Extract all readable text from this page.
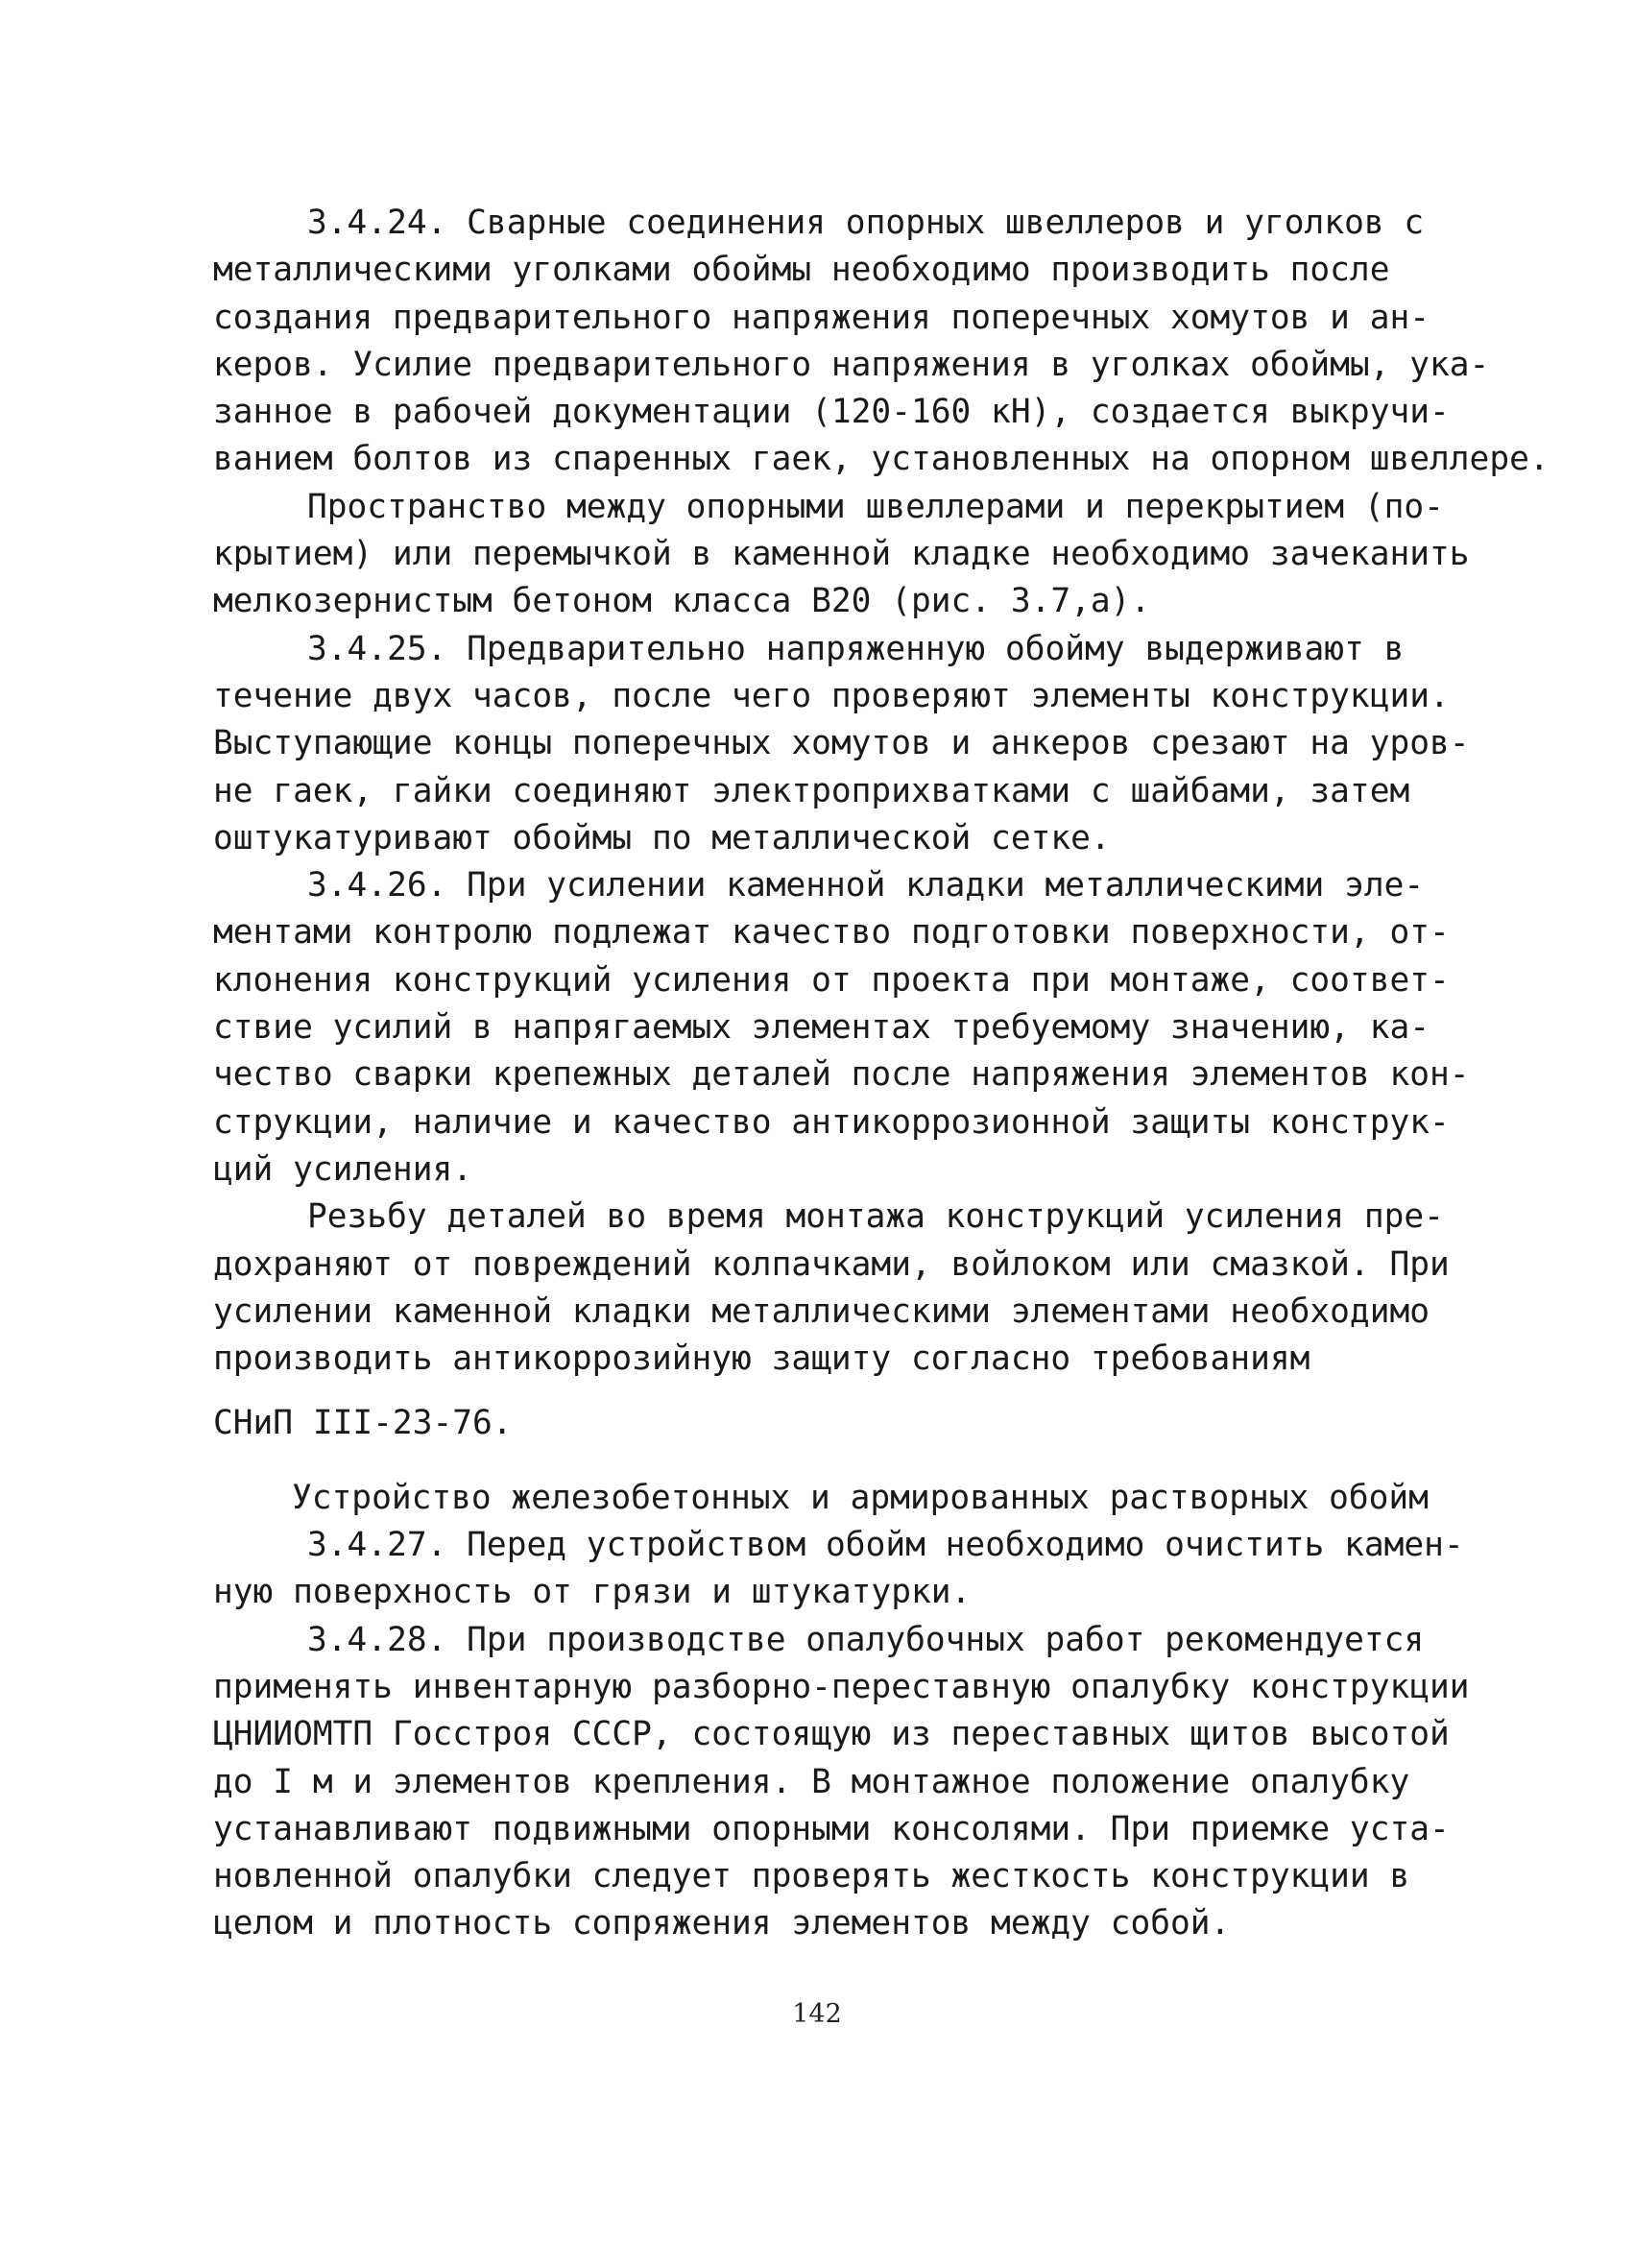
3.4.24. Сварные соединения опорных швеллеров и уголков с
металлическими уголками обоймы необходимо производить после
создания предварительного напряжения поперечных хомутов и ан-
керов. Усилие предварительного напряжения в уголках обоймы, ука-
занное в рабочей документации (120-160 кН), создается выкручи-
ванием болтов из спаренных гаек, установленных на опорном швеллере.
Пространство между опорными швеллерами и перекрытием (по-
крытием) или перемычкой в каменной кладке необходимо зачеканить
мелкозернистым бетоном класса В20 (рис. 3.7,а).
3.4.25. Предварительно напряженную обойму выдерживают в
течение двух часов, после чего проверяют элементы конструкции.
Выступающие концы поперечных хомутов и анкеров срезают на уров-
не гаек, гайки соединяют электроприхватками с шайбами, затем
оштукатуривают обоймы по металлической сетке.
3.4.26. При усилении каменной кладки металлическими эле-
ментами контролю подлежат качество подготовки поверхности, от-
клонения конструкций усиления от проекта при монтаже, соответ-
ствие усилий в напрягаемых элементах требуемому значению, ка-
чество сварки крепежных деталей после напряжения элементов кон-
струкции, наличие и качество антикоррозионной защиты конструк-
ций усиления.
Резьбу деталей во время монтажа конструкций усиления пре-
дохраняют от повреждений колпачками, войлоком или смазкой. При
усилении каменной кладки металлическими элементами необходимо
производить антикоррозийную защиту согласно требованиям
СНиП III-23-76.
Устройство железобетонных и армированных растворных обойм
3.4.27. Перед устройством обойм необходимо очистить камен-
ную поверхность от грязи и штукатурки.
3.4.28. При производстве опалубочных работ рекомендуется
применять инвентарную разборно-переставную опалубку конструкции
ЦНИИОМТП Госстроя СССР, состоящую из переставных щитов высотой
до I м и элементов крепления. В монтажное положение опалубку
устанавливают подвижными опорными консолями. При приемке уста-
новленной опалубки следует проверять жесткость конструкции в
целом и плотность сопряжения элементов между собой.
142
